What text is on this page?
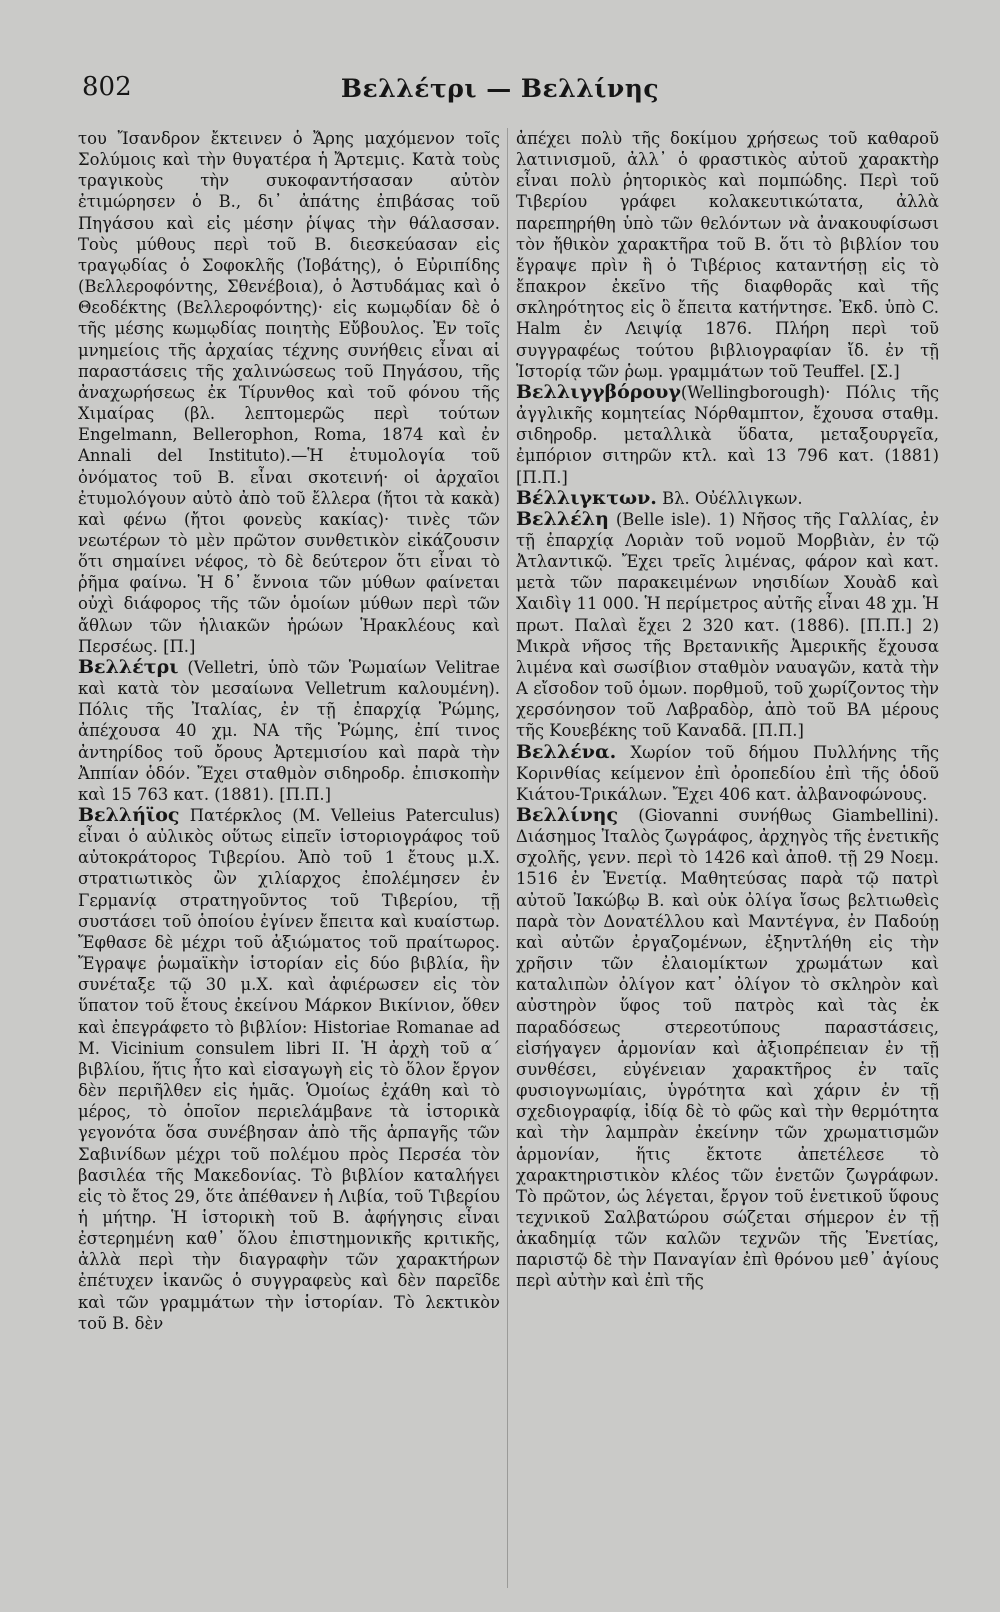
802	Βελλέτρι — Βελλίνης

του Ἴσανδρον ἔκτεινεν ὁ Ἄρης μαχόμενον τοῖς Σολύμοις καὶ τὴν θυγατέρα ἡ Ἄρτεμις. Κατὰ τοὺς τραγικοὺς τὴν συκοφαντήσασαν αὐτὸν ἐτιμώρησεν ὁ Β., δι᾽ ἀπάτης ἐπιβάσας τοῦ Πηγάσου καὶ εἰς μέσην ῥίψας τὴν θάλασσαν. Τοὺς μύθους περὶ τοῦ Β. διεσκεύασαν εἰς τραγῳδίας ὁ Σοφοκλῆς (Ἰοβάτης), ὁ Εὐριπίδης (Βελλεροφόντης, Σθενέβοια), ὁ Ἀστυδάμας καὶ ὁ Θεοδέκτης (Βελλεροφόντης)· εἰς κωμῳδίαν δὲ ὁ τῆς μέσης κωμῳδίας ποιητὴς Εὔβουλος. Ἐν τοῖς μνημείοις τῆς ἀρχαίας τέχνης συνήθεις εἶναι αἱ παραστάσεις τῆς χαλινώσεως τοῦ Πηγάσου, τῆς ἀναχωρήσεως ἐκ Τίρυνθος καὶ τοῦ φόνου τῆς Χιμαίρας (βλ. λεπτομερῶς περὶ τούτων Engelmann, Bellerophon, Roma, 1874 καὶ ἐν Annali del Instituto).—Ἡ ἐτυμολογία τοῦ ὀνόματος τοῦ Β. εἶναι σκοτεινή· οἱ ἀρχαῖοι ἐτυμολόγουν αὐτὸ ἀπὸ τοῦ ἔλλερα (ἤτοι τὰ κακὰ) καὶ φένω (ἤτοι φονεὺς κακίας)· τινὲς τῶν νεωτέρων τὸ μὲν πρῶτον συνθετικὸν εἰκάζουσιν ὅτι σημαίνει νέφος, τὸ δὲ δεύτερον ὅτι εἶναι τὸ ῥῆμα φαίνω. Ἡ δ᾽ ἔννοια τῶν μύθων φαίνεται οὐχὶ διάφορος τῆς τῶν ὁμοίων μύθων περὶ τῶν ἄθλων τῶν ἡλιακῶν ἡρώων Ἡρακλέους καὶ Περσέως. [Π.]

Βελλέτρι (Velletri, ὑπὸ τῶν Ῥωμαίων Velitrae καὶ κατὰ τὸν μεσαίωνα Velletrum καλουμένη). Πόλις τῆς Ἰταλίας, ἐν τῇ ἐπαρχίᾳ Ῥώμης, ἀπέχουσα 40 χμ. ΝΑ τῆς Ῥώμης, ἐπί τινος ἀντηρίδος τοῦ ὄρους Ἀρτεμισίου καὶ παρὰ τὴν Ἀππίαν ὁδόν. Ἔχει σταθμὸν σιδηροδρ. ἐπισκοπὴν καὶ 15 763 κατ. (1881). [Π.Π.]

Βελλήϊος Πατέρκλος (M. Velleius Paterculus) εἶναι ὁ αὐλικὸς οὕτως εἰπεῖν ἱστοριογράφος τοῦ αὐτοκράτορος Τιβερίου. Ἀπὸ τοῦ 1 ἔτους μ.Χ. στρατιωτικὸς ὢν χιλίαρχος ἐπολέμησεν ἐν Γερμανίᾳ στρατηγοῦντος τοῦ Τιβερίου, τῇ συστάσει τοῦ ὁποίου ἐγίνεν ἔπειτα καὶ κυαίστωρ. Ἔφθασε δὲ μέχρι τοῦ ἀξιώματος τοῦ πραίτωρος. Ἔγραψε ῥωμαϊκὴν ἱστορίαν εἰς δύο βιβλία, ἣν συνέταξε τῷ 30 μ.Χ. καὶ ἀφιέρωσεν εἰς τὸν ὕπατον τοῦ ἔτους ἐκείνου Μάρκον Βικίνιον, ὅθεν καὶ ἐπεγράφετο τὸ βιβλίον: Historiae Romanae ad M. Vicinium consulem libri II. Ἡ ἀρχὴ τοῦ α´ βιβλίου, ἥτις ἦτο καὶ εἰσαγωγὴ εἰς τὸ ὅλον ἔργον δὲν περιῆλθεν εἰς ἡμᾶς. Ὁμοίως ἐχάθη καὶ τὸ μέρος, τὸ ὁποῖον περιελάμβανε τὰ ἱστορικὰ γεγονότα ὅσα συνέβησαν ἀπὸ τῆς ἁρπαγῆς τῶν Σαβινίδων μέχρι τοῦ πολέμου πρὸς Περσέα τὸν βασιλέα τῆς Μακεδονίας. Τὸ βιβλίον καταλήγει εἰς τὸ ἔτος 29, ὅτε ἀπέθανεν ἡ Λιβία, τοῦ Τιβερίου ἡ μήτηρ. Ἡ ἱστορικὴ τοῦ Β. ἀφήγησις εἶναι ἐστερημένη καθ᾽ ὅλου ἐπιστημονικῆς κριτικῆς, ἀλλὰ περὶ τὴν διαγραφὴν τῶν χαρακτήρων ἐπέτυχεν ἱκανῶς ὁ συγγραφεὺς καὶ δὲν παρεῖδε καὶ τῶν γραμμάτων τὴν ἱστορίαν. Τὸ λεκτικὸν τοῦ Β. δὲν

ἀπέχει πολὺ τῆς δοκίμου χρήσεως τοῦ καθαροῦ λατινισμοῦ, ἀλλ᾽ ὁ φραστικὸς αὐτοῦ χαρακτὴρ εἶναι πολὺ ῥητορικὸς καὶ πομπώδης. Περὶ τοῦ Τιβερίου γράφει κολακευτικώτατα, ἀλλὰ παρεπηρήθη ὑπὸ τῶν θελόντων νὰ ἀνακουφίσωσι τὸν ἤθικὸν χαρακτῆρα τοῦ Β. ὅτι τὸ βιβλίον του ἔγραψε πρὶν ἢ ὁ Τιβέριος καταντήσῃ εἰς τὸ ἔπακρον ἐκεῖνο τῆς διαφθορᾶς καὶ τῆς σκληρότητος εἰς ὃ ἔπειτα κατήντησε. Ἐκδ. ὑπὸ C. Halm ἐν Λειψίᾳ 1876. Πλήρη περὶ τοῦ συγγραφέως τούτου βιβλιογραφίαν ἴδ. ἐν τῇ Ἱστορίᾳ τῶν ῥωμ. γραμμάτων τοῦ Teuffel. [Σ.]

Βελλιγγβόρουγ(Wellingborough)· Πόλις τῆς ἀγγλικῆς κομητείας Νόρθαμπτον, ἔχουσα σταθμ. σιδηροδρ. μεταλλικὰ ὕδατα, μεταξουργεῖα, ἐμπόριον σιτηρῶν κτλ. καὶ 13 796 κατ. (1881) [Π.Π.]

Βέλλιγκτων. Βλ. Οὐέλλιγκων.

Βελλέλη (Belle isle). 1) Νῆσος τῆς Γαλλίας, ἐν τῇ ἐπαρχίᾳ Λοριὰν τοῦ νομοῦ Μορβιὰν, ἐν τῷ Ἀτλαντικῷ. Ἔχει τρεῖς λιμένας, φάρον καὶ κατ. μετὰ τῶν παρακειμένων νησιδίων Χουὰδ καὶ Χαιδὶγ 11 000. Ἡ περίμετρος αὐτῆς εἶναι 48 χμ. Ἡ πρωτ. Παλαὶ ἔχει 2 320 κατ. (1886). [Π.Π.] 2) Μικρὰ νῆσος τῆς Βρετανικῆς Ἀμερικῆς ἔχουσα λιμένα καὶ σωσίβιον σταθμὸν ναυαγῶν, κατὰ τὴν Α εἴσοδον τοῦ ὁμων. πορθμοῦ, τοῦ χωρίζοντος τὴν χερσόνησον τοῦ Λαβραδὸρ, ἀπὸ τοῦ ΒΑ μέρους τῆς Κουεβέκης τοῦ Καναδᾶ. [Π.Π.]

Βελλένα. Χωρίον τοῦ δήμου Πυλλήνης τῆς Κορινθίας κείμενον ἐπὶ ὀροπεδίου ἐπὶ τῆς ὁδοῦ Κιάτου-Τρικάλων. Ἔχει 406 κατ. ἀλβανοφώνους.

Βελλίνης (Giovanni συνήθως Giambellini). Διάσημος Ἰταλὸς ζωγράφος, ἀρχηγὸς τῆς ἑνετικῆς σχολῆς, γενν. περὶ τὸ 1426 καὶ ἀποθ. τῇ 29 Νοεμ. 1516 ἐν Ἑνετίᾳ. Μαθητεύσας παρὰ τῷ πατρὶ αὐτοῦ Ἰακώβῳ Β. καὶ οὐκ ὀλίγα ἴσως βελτιωθεὶς παρὰ τὸν Δονατέλλου καὶ Μαντέγνα, ἐν Παδούῃ καὶ αὐτῶν ἐργαζομένων, ἐξηντλήθη εἰς τὴν χρῆσιν τῶν ἐλαιομίκτων χρωμάτων καὶ καταλιπὼν ὀλίγον κατ᾽ ὀλίγον τὸ σκληρὸν καὶ αὐστηρὸν ὕφος τοῦ πατρὸς καὶ τὰς ἐκ παραδόσεως στερεοτύπους παραστάσεις, εἰσήγαγεν ἁρμονίαν καὶ ἀξιοπρέπειαν ἐν τῇ συνθέσει, εὐγένειαν χαρακτῆρος ἐν ταῖς φυσιογνωμίαις, ὑγρότητα καὶ χάριν ἐν τῇ σχεδιογραφίᾳ, ἰδίᾳ δὲ τὸ φῶς καὶ τὴν θερμότητα καὶ τὴν λαμπρὰν ἐκείνην τῶν χρωματισμῶν ἁρμονίαν, ἥτις ἔκτοτε ἀπετέλεσε τὸ χαρακτηριστικὸν κλέος τῶν ἑνετῶν ζωγράφων. Τὸ πρῶτον, ὡς λέγεται, ἔργον τοῦ ἑνετικοῦ ὕφους τεχνικοῦ Σαλβατώρου σώζεται σήμερον ἐν τῇ ἀκαδημίᾳ τῶν καλῶν τεχνῶν τῆς Ἑνετίας, παριστῷ δὲ τὴν Παναγίαν ἐπὶ θρόνου μεθ᾽ ἁγίους περὶ αὐτὴν καὶ ἐπὶ τῆς
